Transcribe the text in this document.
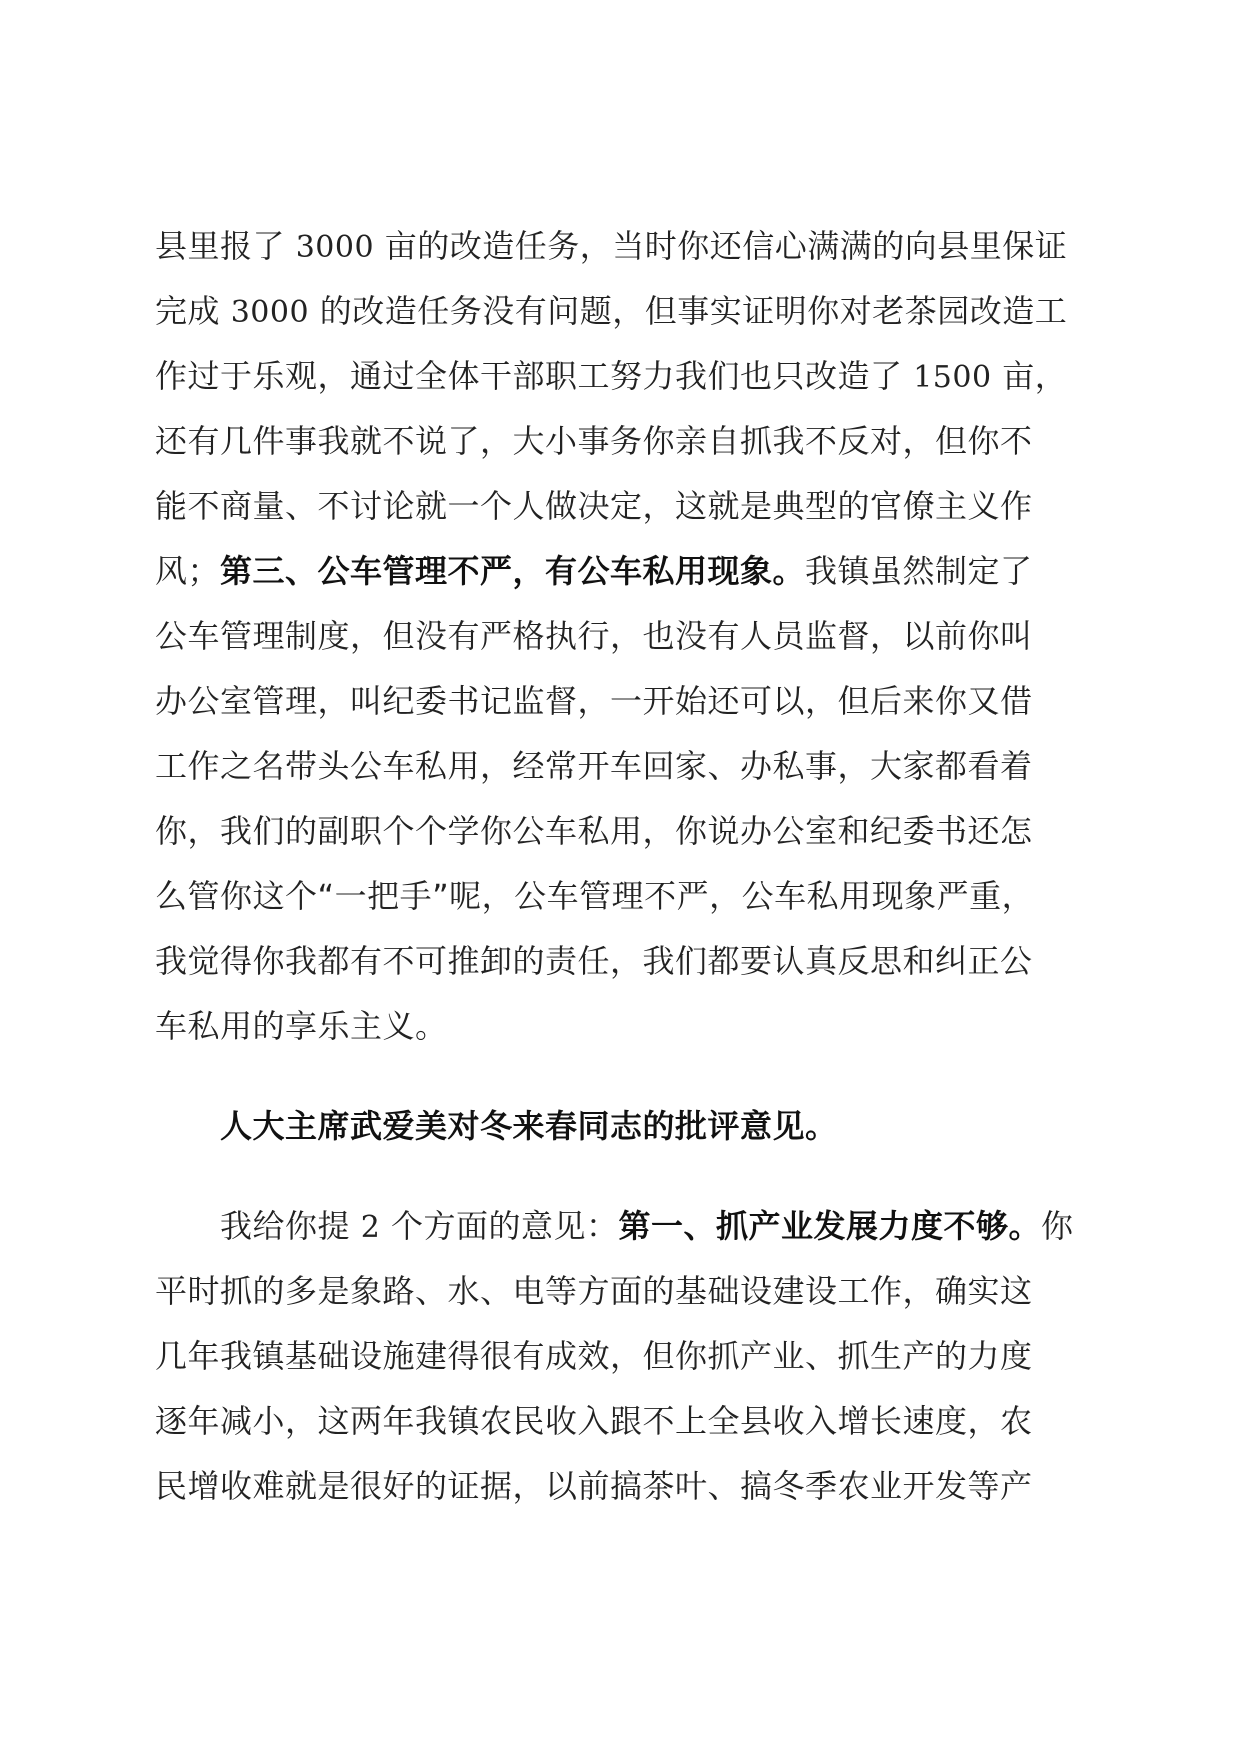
县里报了 3000 亩的改造任务，当时你还信心满满的向县里保证

完成 3000 的改造任务没有问题，但事实证明你对老茶园改造工

作过于乐观，通过全体干部职工努力我们也只改造了 1500 亩，

还有几件事我就不说了，大小事务你亲自抓我不反对，但你不

能不商量、不讨论就一个人做决定，这就是典型的官僚主义作

风；第三、公车管理不严，有公车私用现象。我镇虽然制定了

公车管理制度，但没有严格执行，也没有人员监督，以前你叫

办公室管理，叫纪委书记监督，一开始还可以，但后来你又借

工作之名带头公车私用，经常开车回家、办私事，大家都看着

你，我们的副职个个学你公车私用，你说办公室和纪委书还怎

么管你这个“一把手”呢，公车管理不严，公车私用现象严重，

我觉得你我都有不可推卸的责任，我们都要认真反思和纠正公

车私用的享乐主义。

人大主席武爱美对冬来春同志的批评意见。

我给你提 2 个方面的意见：第一、抓产业发展力度不够。你

平时抓的多是象路、水、电等方面的基础设建设工作，确实这

几年我镇基础设施建得很有成效，但你抓产业、抓生产的力度

逐年减小，这两年我镇农民收入跟不上全县收入增长速度，农

民增收难就是很好的证据，以前搞茶叶、搞冬季农业开发等产
